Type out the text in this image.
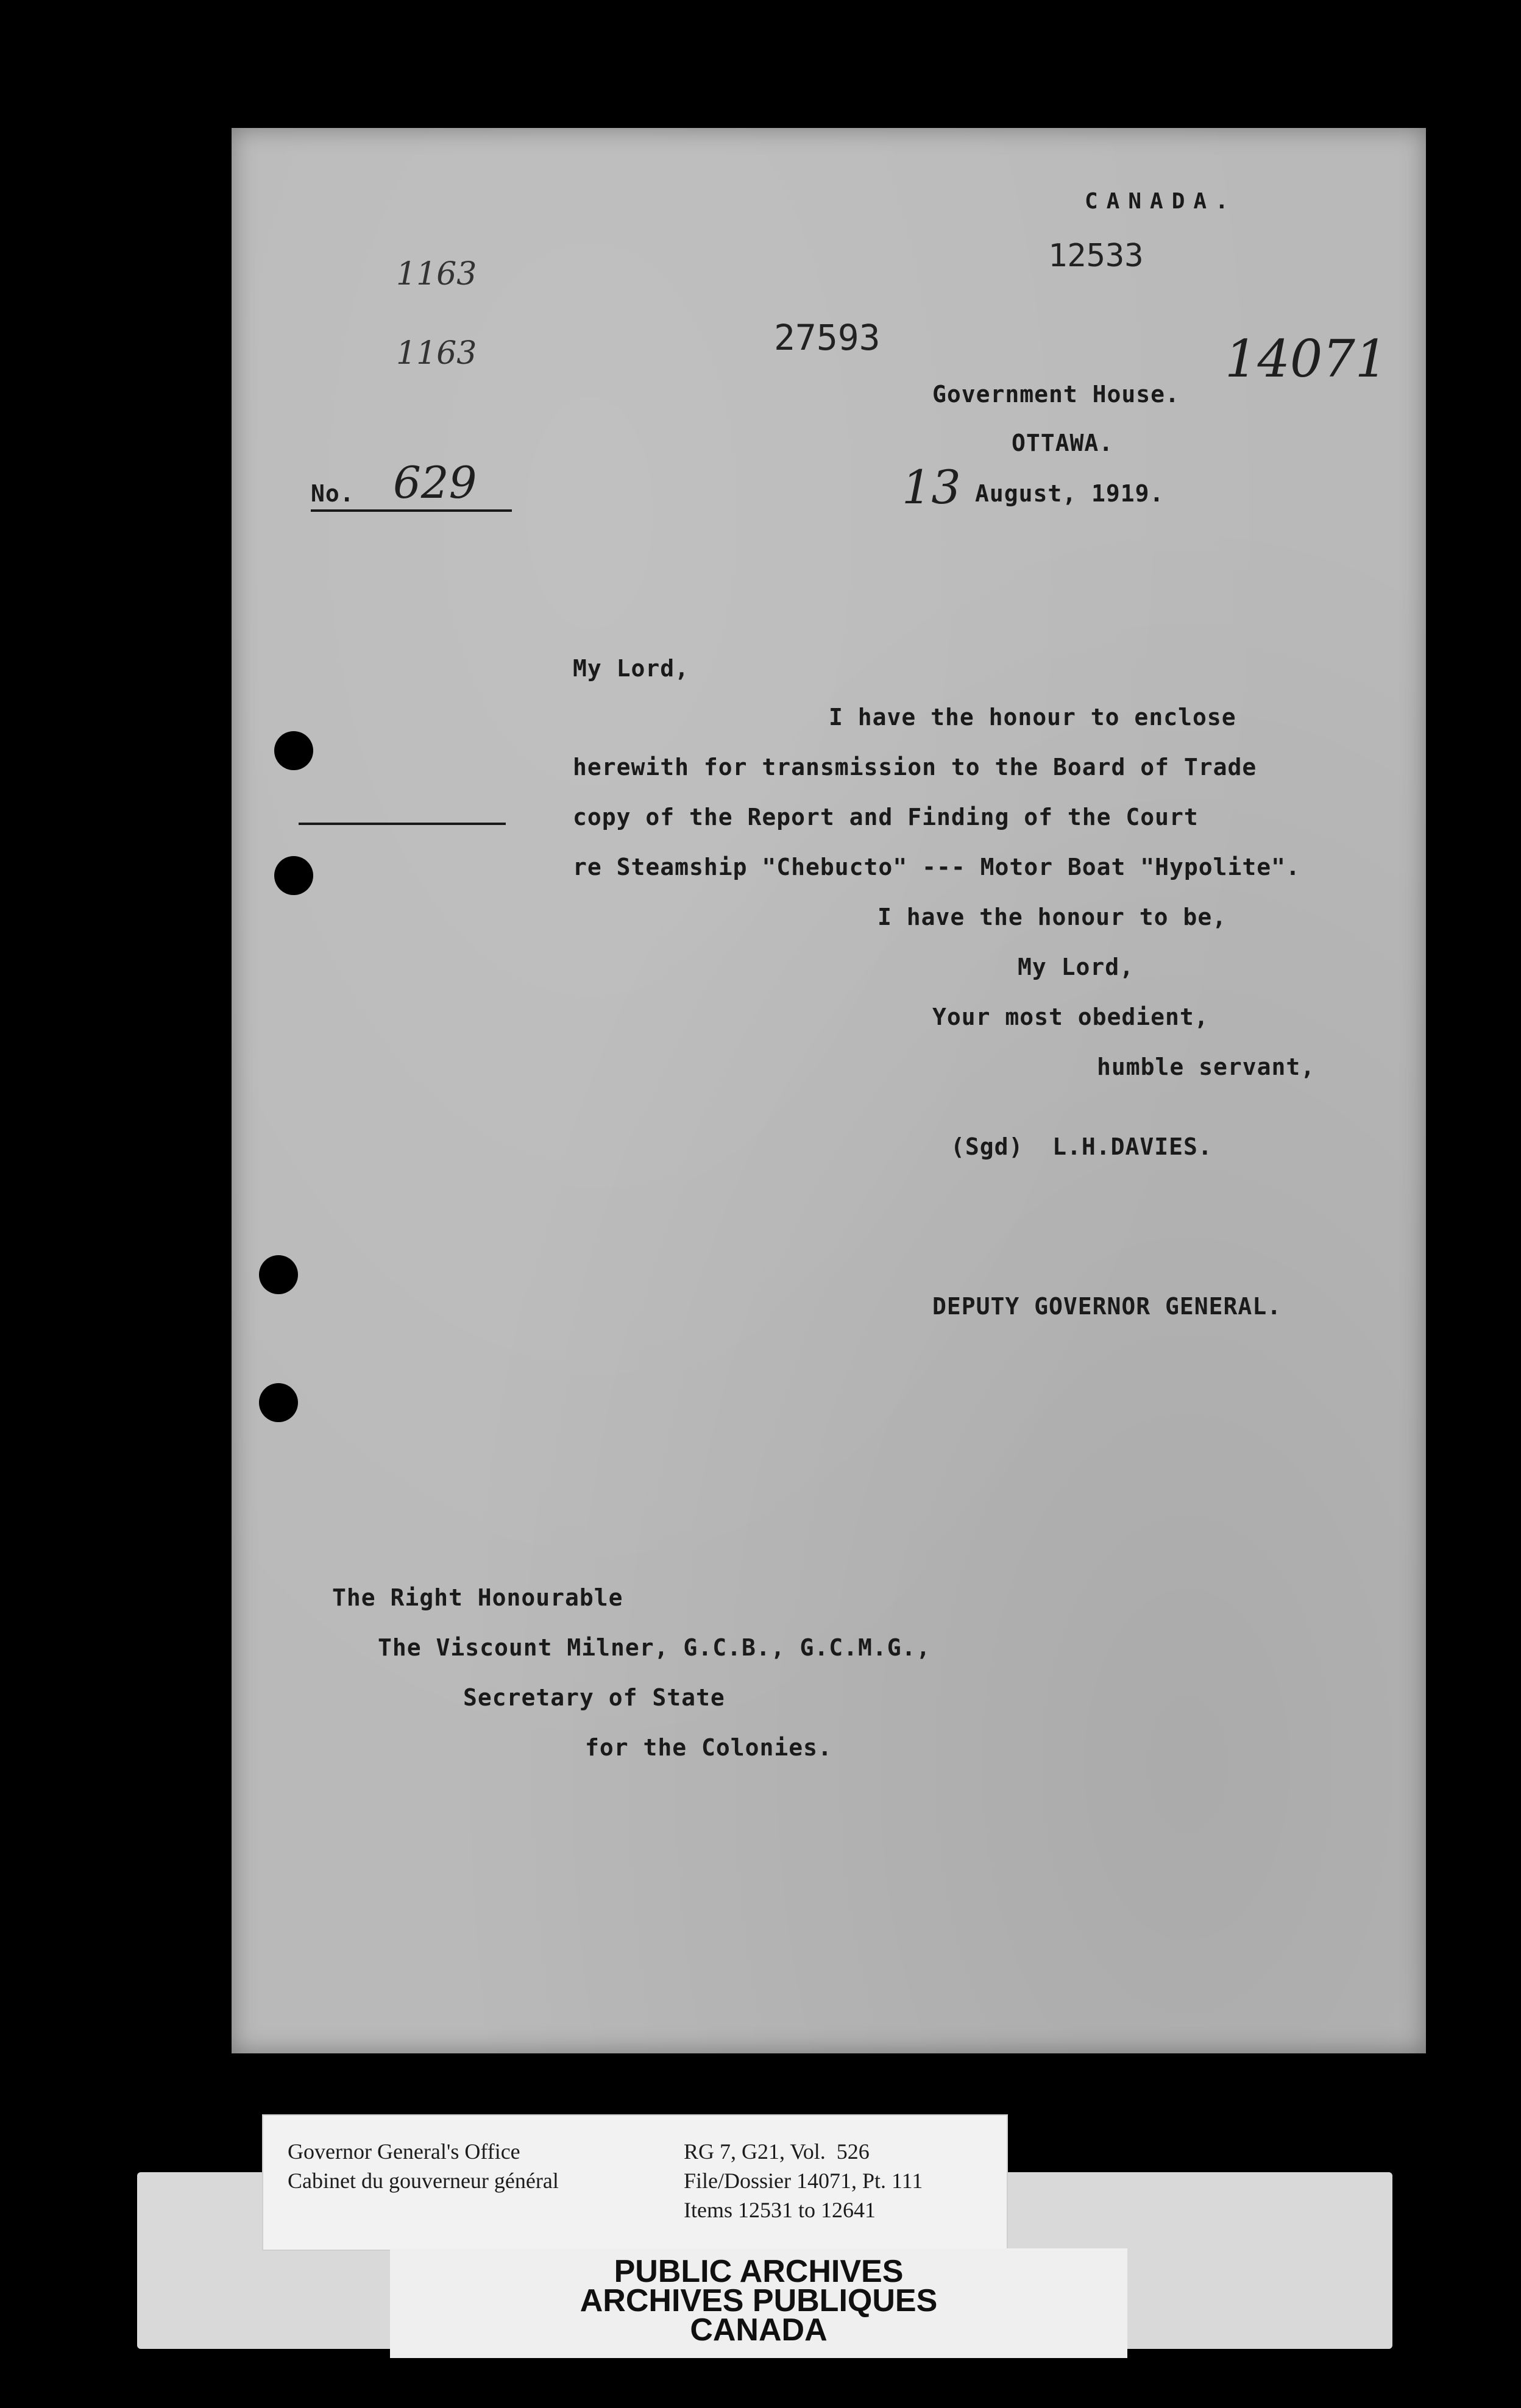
CANADA.
12533
1163
1163	27593	14071
Government House.
OTTAWA.
13 August, 1919.
No. 629
My Lord,
I have the honour to enclose
herewith for transmission to the Board of Trade
copy of the Report and Finding of the Court
re Steamship "Chebucto" --- Motor Boat "Hypolite".
I have the honour to be,
My Lord,
Your most obedient,
humble servant,
(Sgd)  L.H.DAVIES.
DEPUTY GOVERNOR GENERAL.
The Right Honourable
The Viscount Milner, G.C.B., G.C.M.G.,
Secretary of State
for the Colonies.
Governor General's Office
Cabinet du gouverneur général
RG 7, G21, Vol.  526
File/Dossier 14071, Pt. 111
Items 12531 to 12641
PUBLIC ARCHIVES
ARCHIVES PUBLIQUES
CANADA
